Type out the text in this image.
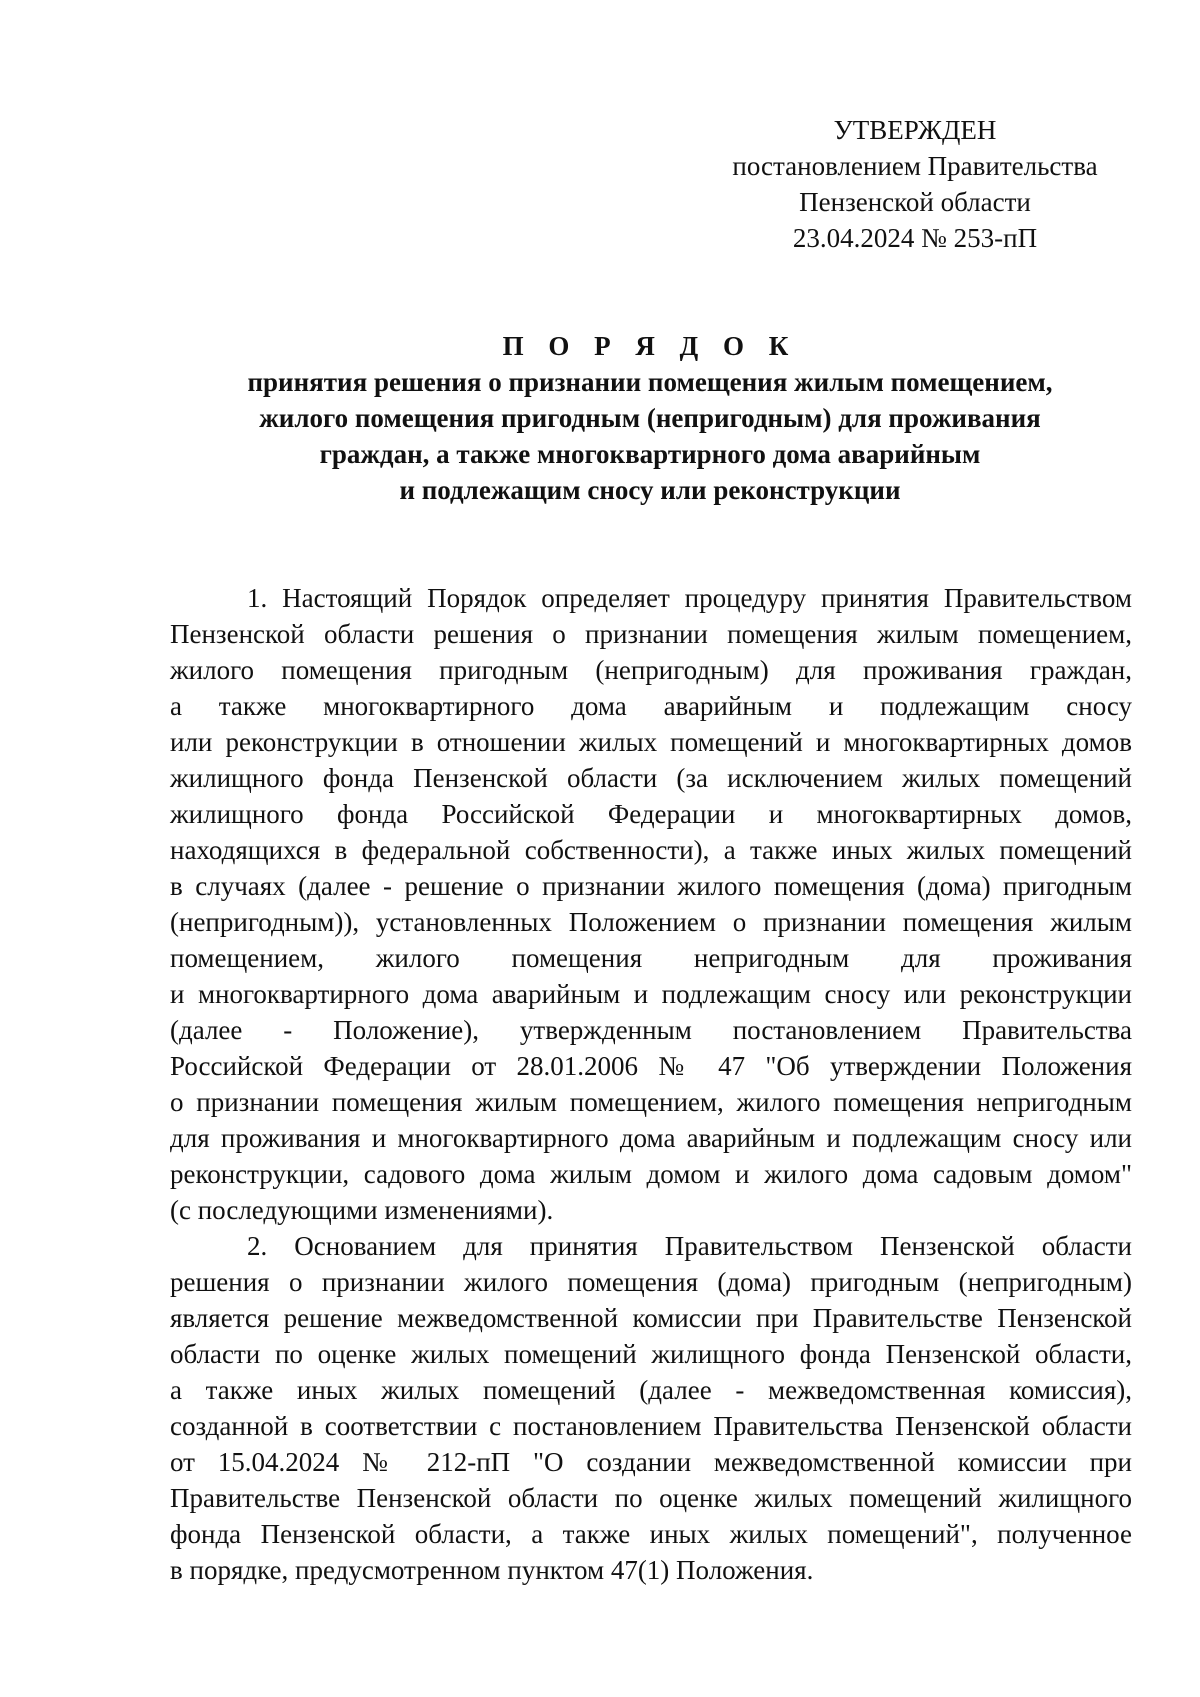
УТВЕРЖДЕН
постановлением Правительства
Пензенской области
23.04.2024 № 253-пП
П О Р Я Д О К
принятия решения о признании помещения жилым помещением,
жилого помещения пригодным (непригодным) для проживания
граждан, а также многоквартирного дома аварийным
и подлежащим сносу или реконструкции
1. Настоящий Порядок определяет процедуру принятия Правительством
Пензенской области решения о признании помещения жилым помещением,
жилого помещения пригодным (непригодным) для проживания граждан,
а также многоквартирного дома аварийным и подлежащим сносу
или реконструкции в отношении жилых помещений и многоквартирных домов
жилищного фонда Пензенской области (за исключением жилых помещений
жилищного фонда Российской Федерации и многоквартирных домов,
находящихся в федеральной собственности), а также иных жилых помещений
в случаях (далее - решение о признании жилого помещения (дома) пригодным
(непригодным)), установленных Положением о признании помещения жилым
помещением, жилого помещения непригодным для проживания
и многоквартирного дома аварийным и подлежащим сносу или реконструкции
(далее - Положение), утвержденным постановлением Правительства
Российской Федерации от 28.01.2006 № 47 "Об утверждении Положения
о признании помещения жилым помещением, жилого помещения непригодным
для проживания и многоквартирного дома аварийным и подлежащим сносу или
реконструкции, садового дома жилым домом и жилого дома садовым домом"
(с последующими изменениями).
2. Основанием для принятия Правительством Пензенской области
решения о признании жилого помещения (дома) пригодным (непригодным)
является решение межведомственной комиссии при Правительстве Пензенской
области по оценке жилых помещений жилищного фонда Пензенской области,
а также иных жилых помещений (далее - межведомственная комиссия),
созданной в соответствии с постановлением Правительства Пензенской области
от 15.04.2024 № 212-пП "О создании межведомственной комиссии при
Правительстве Пензенской области по оценке жилых помещений жилищного
фонда Пензенской области, а также иных жилых помещений", полученное
в порядке, предусмотренном пунктом 47(1) Положения.
